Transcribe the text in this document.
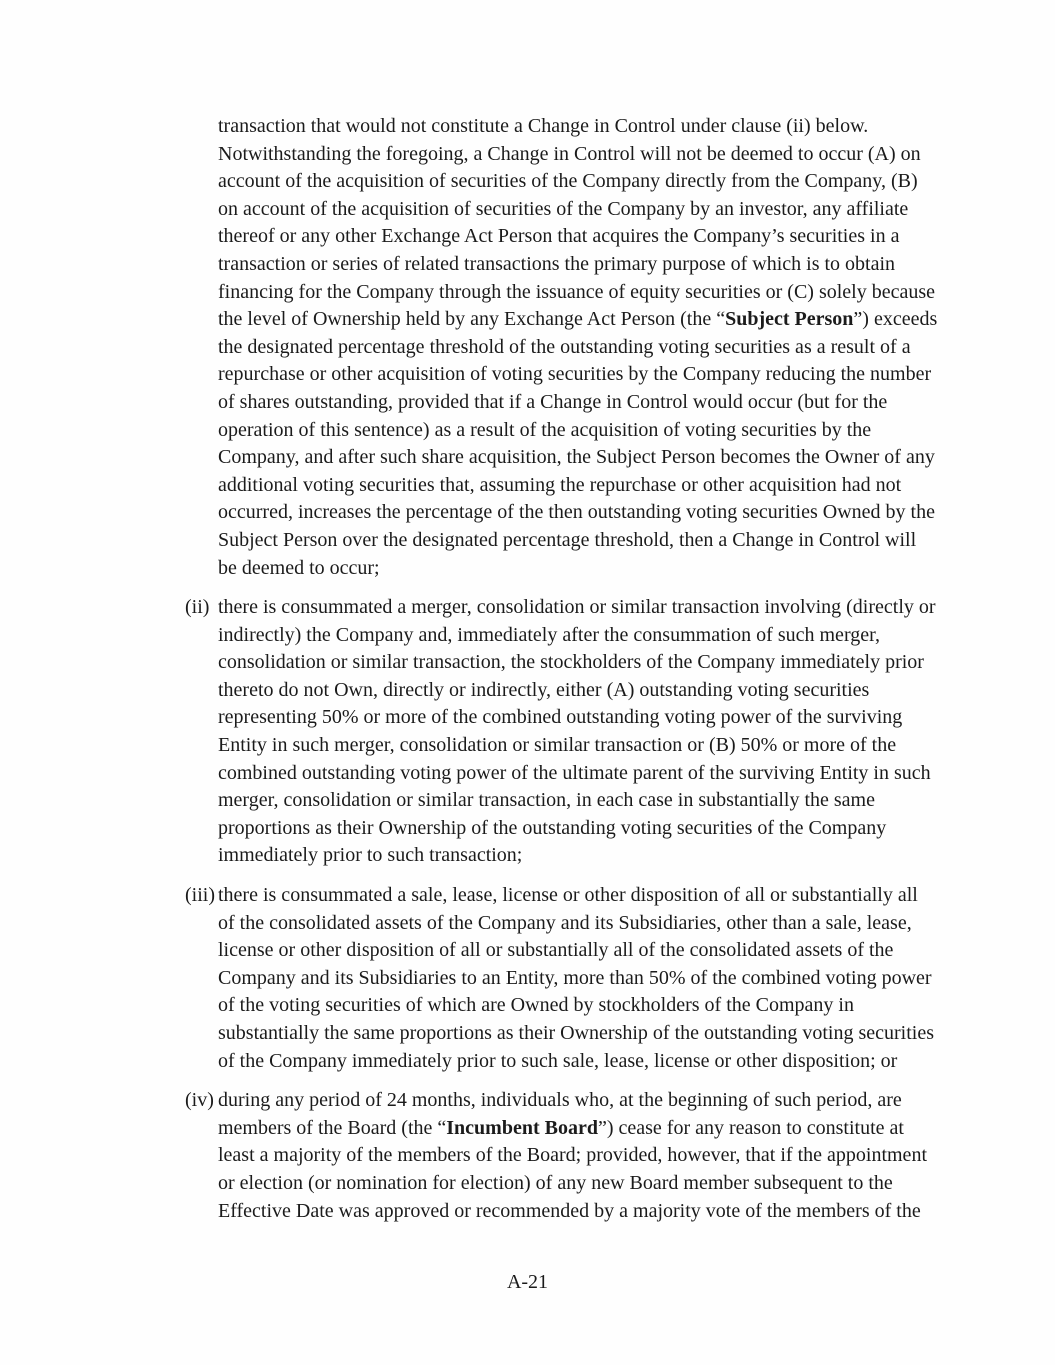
transaction that would not constitute a Change in Control under clause (ii) below.
Notwithstanding the foregoing, a Change in Control will not be deemed to occur (A) on
account of the acquisition of securities of the Company directly from the Company, (B)
on account of the acquisition of securities of the Company by an investor, any affiliate
thereof or any other Exchange Act Person that acquires the Company’s securities in a
transaction or series of related transactions the primary purpose of which is to obtain
financing for the Company through the issuance of equity securities or (C) solely because
the level of Ownership held by any Exchange Act Person (the “Subject Person”) exceeds
the designated percentage threshold of the outstanding voting securities as a result of a
repurchase or other acquisition of voting securities by the Company reducing the number
of shares outstanding, provided that if a Change in Control would occur (but for the
operation of this sentence) as a result of the acquisition of voting securities by the
Company, and after such share acquisition, the Subject Person becomes the Owner of any
additional voting securities that, assuming the repurchase or other acquisition had not
occurred, increases the percentage of the then outstanding voting securities Owned by the
Subject Person over the designated percentage threshold, then a Change in Control will
be deemed to occur;
(ii) there is consummated a merger, consolidation or similar transaction involving (directly or
indirectly) the Company and, immediately after the consummation of such merger,
consolidation or similar transaction, the stockholders of the Company immediately prior
thereto do not Own, directly or indirectly, either (A) outstanding voting securities
representing 50% or more of the combined outstanding voting power of the surviving
Entity in such merger, consolidation or similar transaction or (B) 50% or more of the
combined outstanding voting power of the ultimate parent of the surviving Entity in such
merger, consolidation or similar transaction, in each case in substantially the same
proportions as their Ownership of the outstanding voting securities of the Company
immediately prior to such transaction;
(iii) there is consummated a sale, lease, license or other disposition of all or substantially all
of the consolidated assets of the Company and its Subsidiaries, other than a sale, lease,
license or other disposition of all or substantially all of the consolidated assets of the
Company and its Subsidiaries to an Entity, more than 50% of the combined voting power
of the voting securities of which are Owned by stockholders of the Company in
substantially the same proportions as their Ownership of the outstanding voting securities
of the Company immediately prior to such sale, lease, license or other disposition; or
(iv) during any period of 24 months, individuals who, at the beginning of such period, are
members of the Board (the “Incumbent Board”) cease for any reason to constitute at
least a majority of the members of the Board; provided, however, that if the appointment
or election (or nomination for election) of any new Board member subsequent to the
Effective Date was approved or recommended by a majority vote of the members of the
A-21
